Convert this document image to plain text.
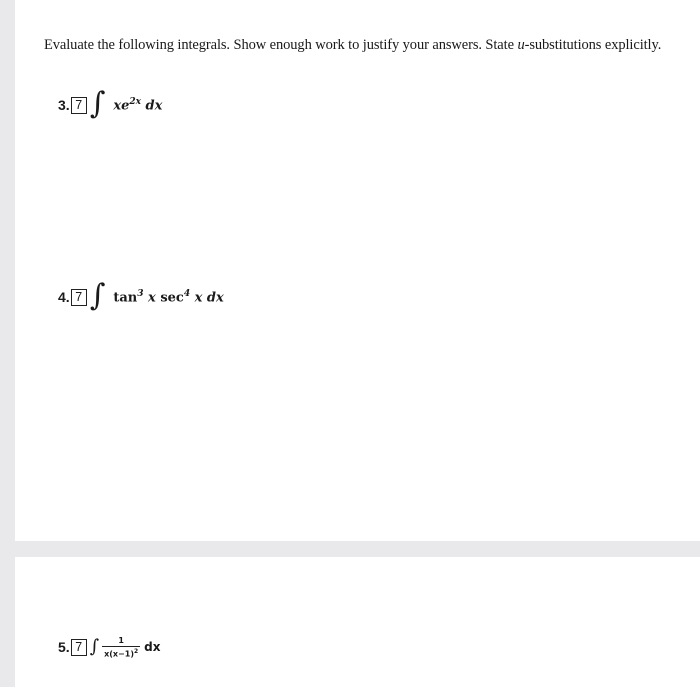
Evaluate the following integrals. Show enough work to justify your answers. State u-substitutions explicitly.
3. 7 ∫ $xe^{2x}$ dx
4. 7 ∫ $\tan^3 x$ $\sec^4 x$ dx
5. 7 ∫ $\frac{1}{x(x-1)^2}$ dx
